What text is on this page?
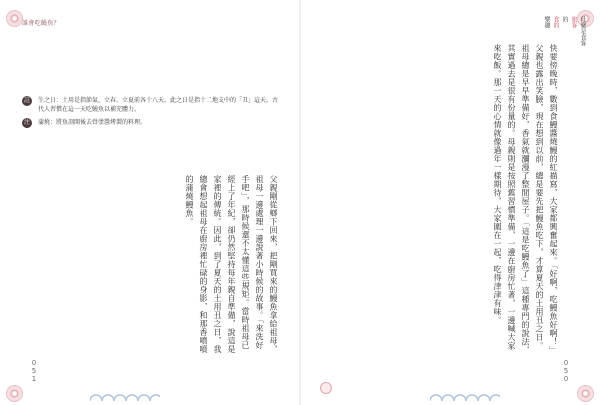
誰會吃鰻魚？	什麼是食客
旅客
的
食的
樂趣
註	生之日：土用是指節氣，立春、立夏前各十八天。此之日是指十二地支中的「丑」這天。古代人習慣在這一天吃鰻魚以補充體力。
注	蒲燒：將魚剖開後去骨塗醬烤製的料理。	快要傍晚時，數到食鰻醬燒鰻的紅描寫，大家都興奮起來。「好啊，吃鰻魚好啊！」父親也露出笑臉，現在想到以前，總是要先把鰻魚吃下，才算夏天的土用丑之日。祖母總是早早準備好，香氣就瀰漫了整間屋子。「這是吃鰻魚了」這種專門的說法，其實過去是很有份量的。母親則是按照舊習慣準備，一邊在廚房忙著，一邊喊大家來吃飯。那一天的心情就像過年一樣期待，大家圍在一起，吃得津津有味。
父親剛從鄉下回來，把剛買來的鰻魚拿給祖母，祖母一邊處理一邊說著小時候的故事。「來洗好手吧」，那時候還不太懂這些規矩。當時祖母已經上了年紀，卻仍然堅持每年親自準備，說這是家裡的傳統。因此，到了夏天的土用丑之日，我總會想起祖母在廚房裡忙碌的身影，和那香噴噴的蒲燒鰻魚。
051	050
